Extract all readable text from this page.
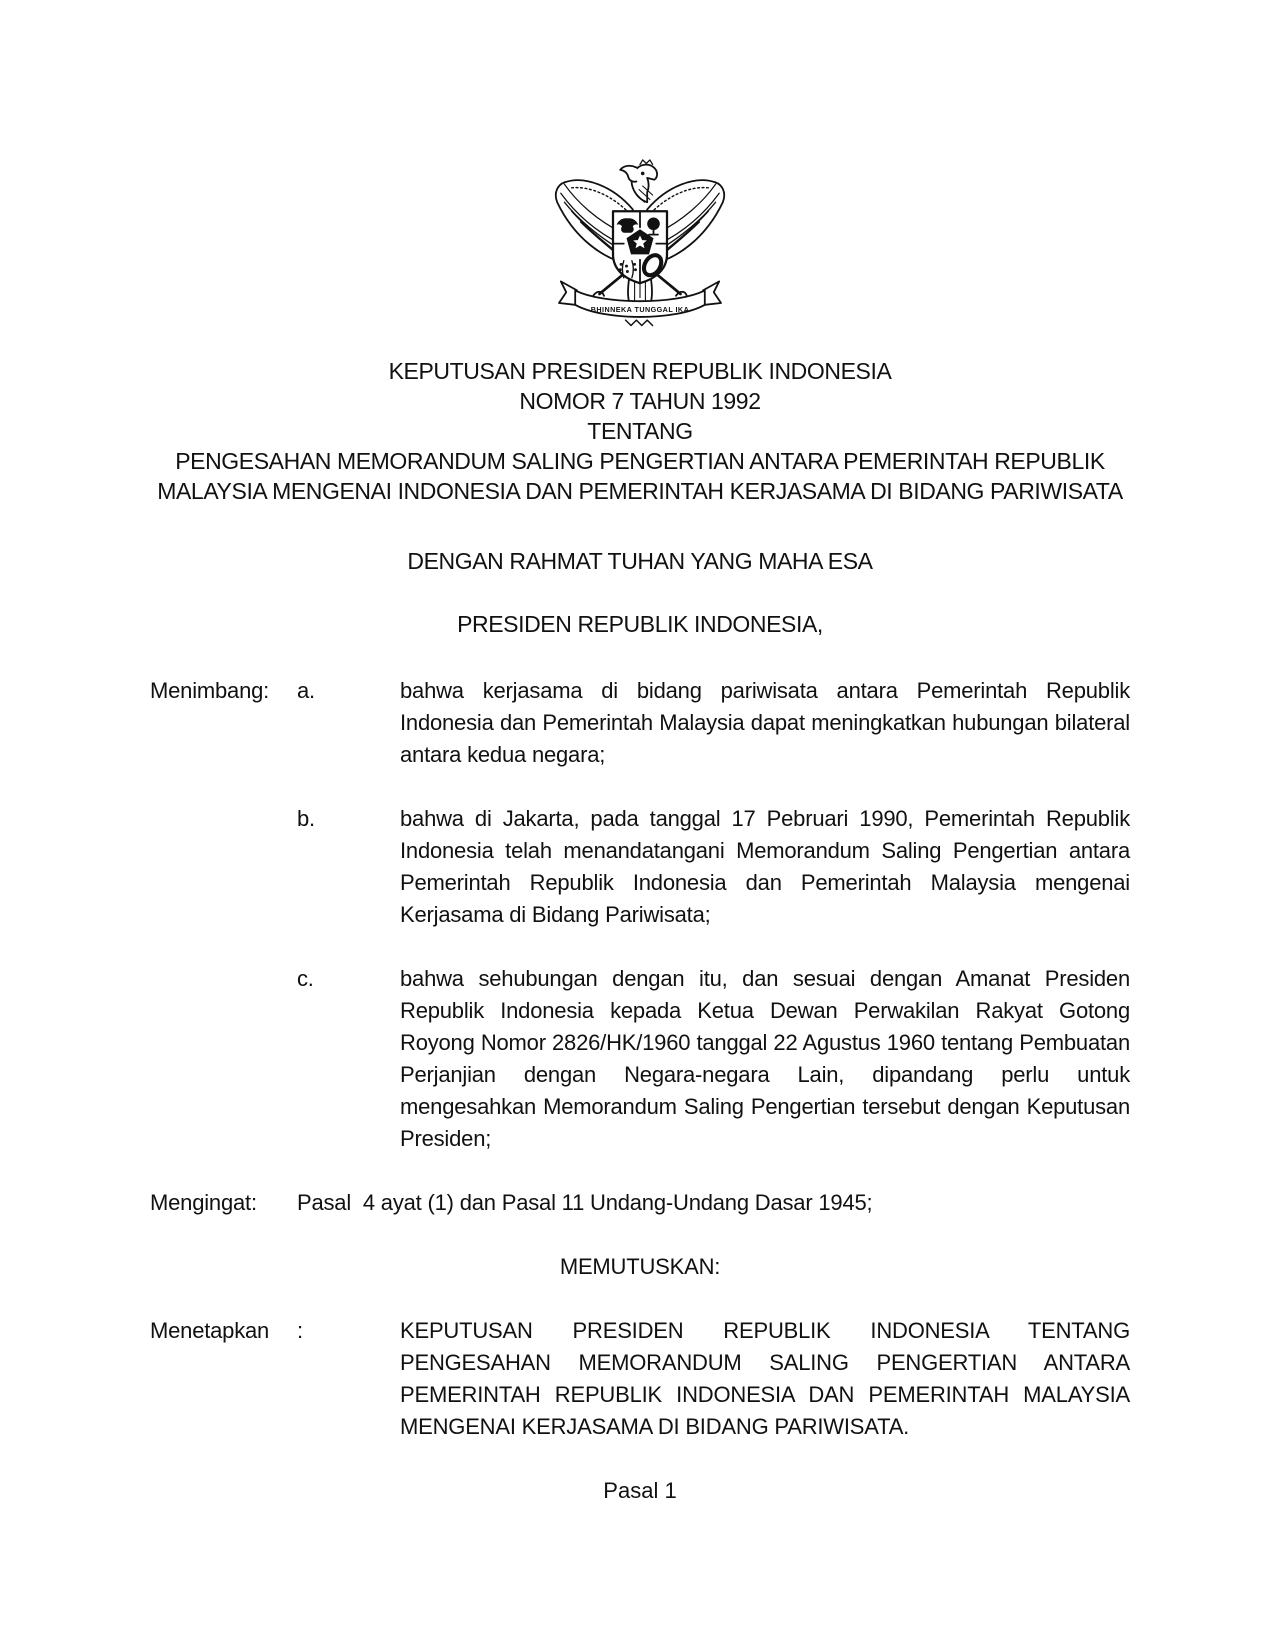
BHINNEKA TUNGGAL IKA
KEPUTUSAN PRESIDEN REPUBLIK INDONESIA
NOMOR 7 TAHUN 1992
TENTANG
PENGESAHAN MEMORANDUM SALING PENGERTIAN ANTARA PEMERINTAH REPUBLIK
MALAYSIA MENGENAI INDONESIA DAN PEMERINTAH KERJASAMA DI BIDANG PARIWISATA
DENGAN RAHMAT TUHAN YANG MAHA ESA
PRESIDEN REPUBLIK INDONESIA,
Menimbang:	a.	bahwa kerjasama di bidang pariwisata antara Pemerintah Republik Indonesia dan Pemerintah Malaysia dapat meningkatkan hubungan bilateral antara kedua negara;
b.	bahwa di Jakarta, pada tanggal 17 Pebruari 1990, Pemerintah Republik Indonesia telah menandatangani Memorandum Saling Pengertian antara Pemerintah Republik Indonesia dan Pemerintah Malaysia mengenai Kerjasama di Bidang Pariwisata;
c.	bahwa sehubungan dengan itu, dan sesuai dengan Amanat Presiden Republik Indonesia kepada Ketua Dewan Perwakilan Rakyat Gotong Royong Nomor 2826/HK/1960 tanggal 22 Agustus 1960 tentang Pembuatan Perjanjian dengan Negara-negara Lain, dipandang perlu untuk mengesahkan Memorandum Saling Pengertian tersebut dengan Keputusan Presiden;
Mengingat:	Pasal  4 ayat (1) dan Pasal 11 Undang-Undang Dasar 1945;
MEMUTUSKAN:
Menetapkan	:	KEPUTUSAN PRESIDEN REPUBLIK INDONESIA TENTANG PENGESAHAN MEMORANDUM SALING PENGERTIAN ANTARA PEMERINTAH REPUBLIK INDONESIA DAN PEMERINTAH MALAYSIA MENGENAI KERJASAMA DI BIDANG PARIWISATA.
Pasal 1
